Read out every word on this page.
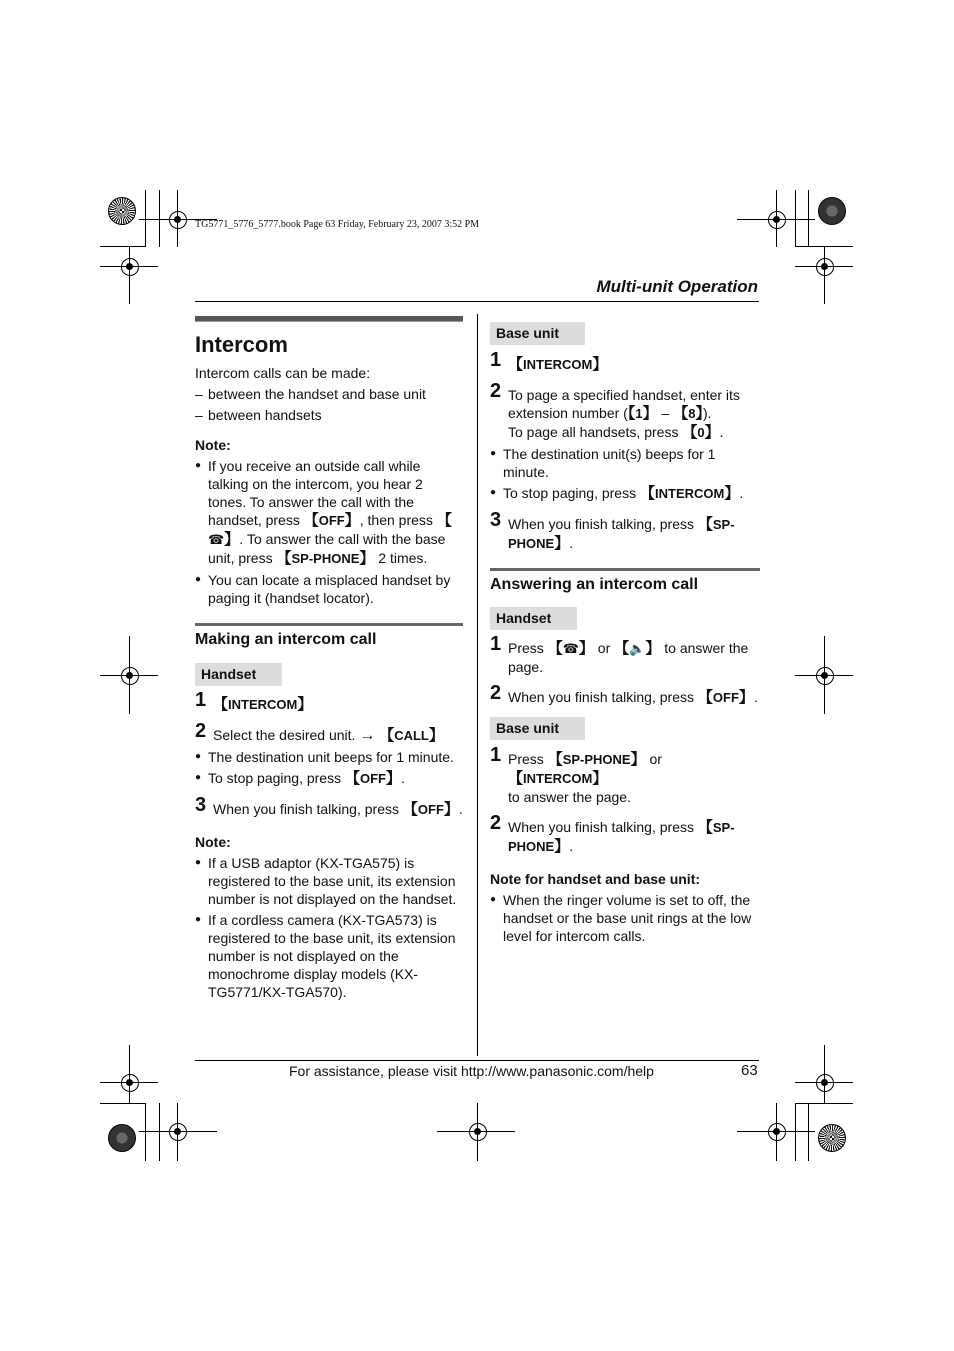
TG5771_5776_5777.book Page 63 Friday, February 23, 2007 3:52 PM
Multi-unit Operation
Intercom

Intercom calls can be made:

– between the handset and base unit

– between handsets

Note:

● If you receive an outside call while talking on the intercom, you hear 2 tones. To answer the call with the handset, press 【OFF】, then press 【☎】. To answer the call with the base unit, press 【SP-PHONE】 2 times.

● You can locate a misplaced handset by paging it (handset locator).

Making an intercom call

Handset
1 【INTERCOM】
2 Select the desired unit. → 【CALL】

● The destination unit beeps for 1 minute.

● To stop paging, press 【OFF】.

3 When you finish talking, press 【OFF】.

Note:

● If a USB adaptor (KX-TGA575) is registered to the base unit, its extension number is not displayed on the handset.

● If a cordless camera (KX-TGA573) is registered to the base unit, its extension number is not displayed on the monochrome display models (KX-TG5771/KX-TGA570).

Base unit
1 【INTERCOM】
2 To page a specified handset, enter its extension number (【1】 – 【8】).
To page all handsets, press 【0】.

● The destination unit(s) beeps for 1 minute.

● To stop paging, press 【INTERCOM】.

3 When you finish talking, press 【SP-PHONE】.

Answering an intercom call

Handset
1 Press 【☎】 or 【🔈】 to answer the page.
2 When you finish talking, press 【OFF】.
Base unit
1 Press 【SP-PHONE】 or 【INTERCOM】
to answer the page.
2 When you finish talking, press 【SP-PHONE】.

Note for handset and base unit:

● When the ringer volume is set to off, the handset or the base unit rings at the low level for intercom calls.

For assistance, please visit http://www.panasonic.com/help	63
